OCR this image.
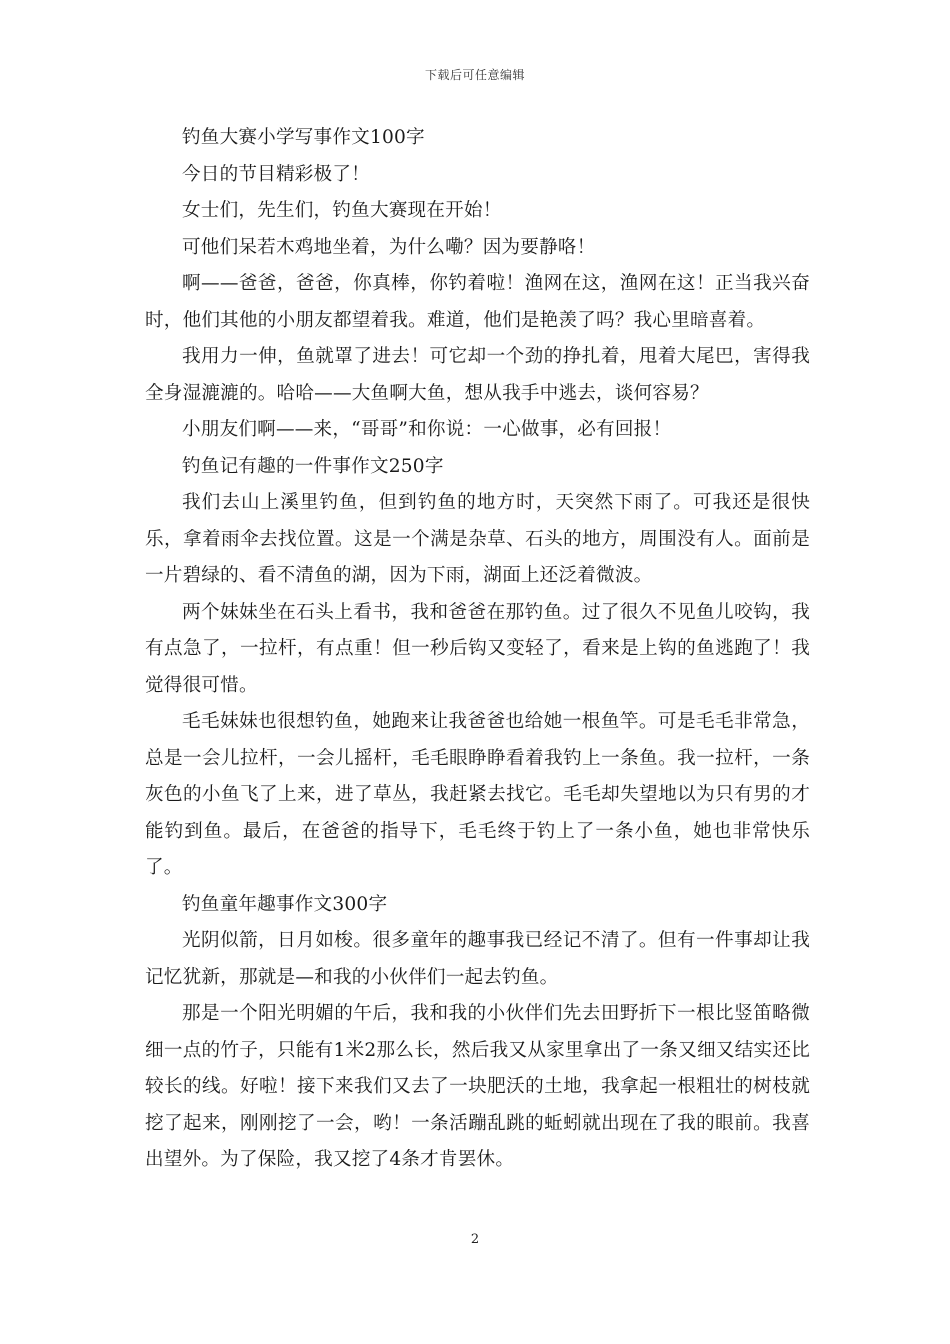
下载后可任意编辑

钓鱼大赛小学写事作文100字

今日的节目精彩极了！

女士们，先生们，钓鱼大赛现在开始！

可他们呆若木鸡地坐着，为什么嘞？因为要静咯！

啊——爸爸，爸爸，你真棒，你钓着啦！渔网在这，渔网在这！正当我兴奋时，他们其他的小朋友都望着我。难道，他们是艳羡了吗？我心里暗喜着。

我用力一伸，鱼就罩了进去！可它却一个劲的挣扎着，甩着大尾巴，害得我全身湿漉漉的。哈哈——大鱼啊大鱼，想从我手中逃去，谈何容易？

小朋友们啊——来，“哥哥”和你说：一心做事，必有回报！

钓鱼记有趣的一件事作文250字

我们去山上溪里钓鱼，但到钓鱼的地方时，天突然下雨了。可我还是很快乐，拿着雨伞去找位置。这是一个满是杂草、石头的地方，周围没有人。面前是一片碧绿的、看不清鱼的湖，因为下雨，湖面上还泛着微波。

两个妹妹坐在石头上看书，我和爸爸在那钓鱼。过了很久不见鱼儿咬钩，我有点急了，一拉杆，有点重！但一秒后钩又变轻了，看来是上钩的鱼逃跑了！我觉得很可惜。

毛毛妹妹也很想钓鱼，她跑来让我爸爸也给她一根鱼竿。可是毛毛非常急，总是一会儿拉杆，一会儿摇杆，毛毛眼睁睁看着我钓上一条鱼。我一拉杆，一条灰色的小鱼飞了上来，进了草丛，我赶紧去找它。毛毛却失望地以为只有男的才能钓到鱼。最后，在爸爸的指导下，毛毛终于钓上了一条小鱼，她也非常快乐了。

钓鱼童年趣事作文300字

光阴似箭，日月如梭。很多童年的趣事我已经记不清了。但有一件事却让我记忆犹新，那就是—和我的小伙伴们一起去钓鱼。

那是一个阳光明媚的午后，我和我的小伙伴们先去田野折下一根比竖笛略微细一点的竹子，只能有1米2那么长，然后我又从家里拿出了一条又细又结实还比较长的线。好啦！接下来我们又去了一块肥沃的土地，我拿起一根粗壮的树枝就挖了起来，刚刚挖了一会，哟！一条活蹦乱跳的蚯蚓就出现在了我的眼前。我喜出望外。为了保险，我又挖了4条才肯罢休。

2
